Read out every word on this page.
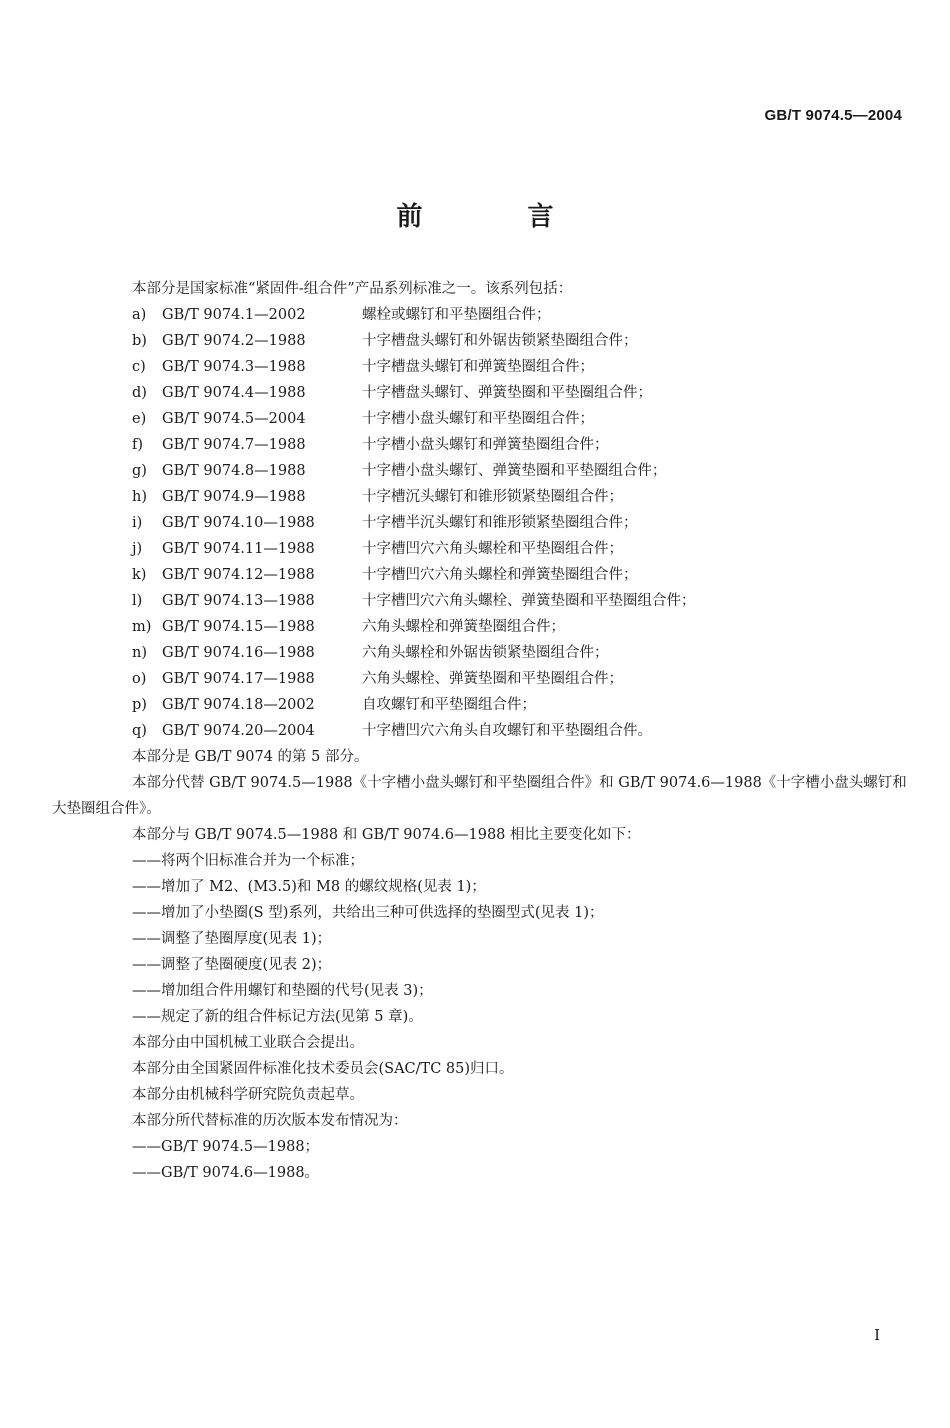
GB/T 9074.5—2004
前 言

本部分是国家标准“紧固件-组合件”产品系列标准之一。该系列包括：

a)	GB/T 9074.1—2002	螺栓或螺钉和平垫圈组合件；
b)	GB/T 9074.2—1988	十字槽盘头螺钉和外锯齿锁紧垫圈组合件；
c)	GB/T 9074.3—1988	十字槽盘头螺钉和弹簧垫圈组合件；
d)	GB/T 9074.4—1988	十字槽盘头螺钉、弹簧垫圈和平垫圈组合件；
e)	GB/T 9074.5—2004	十字槽小盘头螺钉和平垫圈组合件；
f)	GB/T 9074.7—1988	十字槽小盘头螺钉和弹簧垫圈组合件；
g)	GB/T 9074.8—1988	十字槽小盘头螺钉、弹簧垫圈和平垫圈组合件；
h)	GB/T 9074.9—1988	十字槽沉头螺钉和锥形锁紧垫圈组合件；
i)	GB/T 9074.10—1988	十字槽半沉头螺钉和锥形锁紧垫圈组合件；
j)	GB/T 9074.11—1988	十字槽凹穴六角头螺栓和平垫圈组合件；
k)	GB/T 9074.12—1988	十字槽凹穴六角头螺栓和弹簧垫圈组合件；
l)	GB/T 9074.13—1988	十字槽凹穴六角头螺栓、弹簧垫圈和平垫圈组合件；
m) GB/T 9074.15—1988	六角头螺栓和弹簧垫圈组合件；
n)	GB/T 9074.16—1988	六角头螺栓和外锯齿锁紧垫圈组合件；
o)	GB/T 9074.17—1988	六角头螺栓、弹簧垫圈和平垫圈组合件；
p)	GB/T 9074.18—2002	自攻螺钉和平垫圈组合件；
q)	GB/T 9074.20—2004	十字槽凹穴六角头自攻螺钉和平垫圈组合件。

本部分是 GB/T 9074 的第 5 部分。

本部分代替 GB/T 9074.5—1988《十字槽小盘头螺钉和平垫圈组合件》和 GB/T 9074.6—1988《十字槽小盘头螺钉和大垫圈组合件》。

本部分与 GB/T 9074.5—1988 和 GB/T 9074.6—1988 相比主要变化如下：

——将两个旧标准合并为一个标准；
——增加了 M2、(M3.5)和 M8 的螺纹规格(见表 1)；
——增加了小垫圈(S 型)系列，共给出三种可供选择的垫圈型式(见表 1)；
——调整了垫圈厚度(见表 1)；
——调整了垫圈硬度(见表 2)；
——增加组合件用螺钉和垫圈的代号(见表 3)；
——规定了新的组合件标记方法(见第 5 章)。

本部分由中国机械工业联合会提出。

本部分由全国紧固件标准化技术委员会(SAC/TC 85)归口。

本部分由机械科学研究院负责起草。

本部分所代替标准的历次版本发布情况为：

——GB/T 9074.5—1988；
——GB/T 9074.6—1988。
I
